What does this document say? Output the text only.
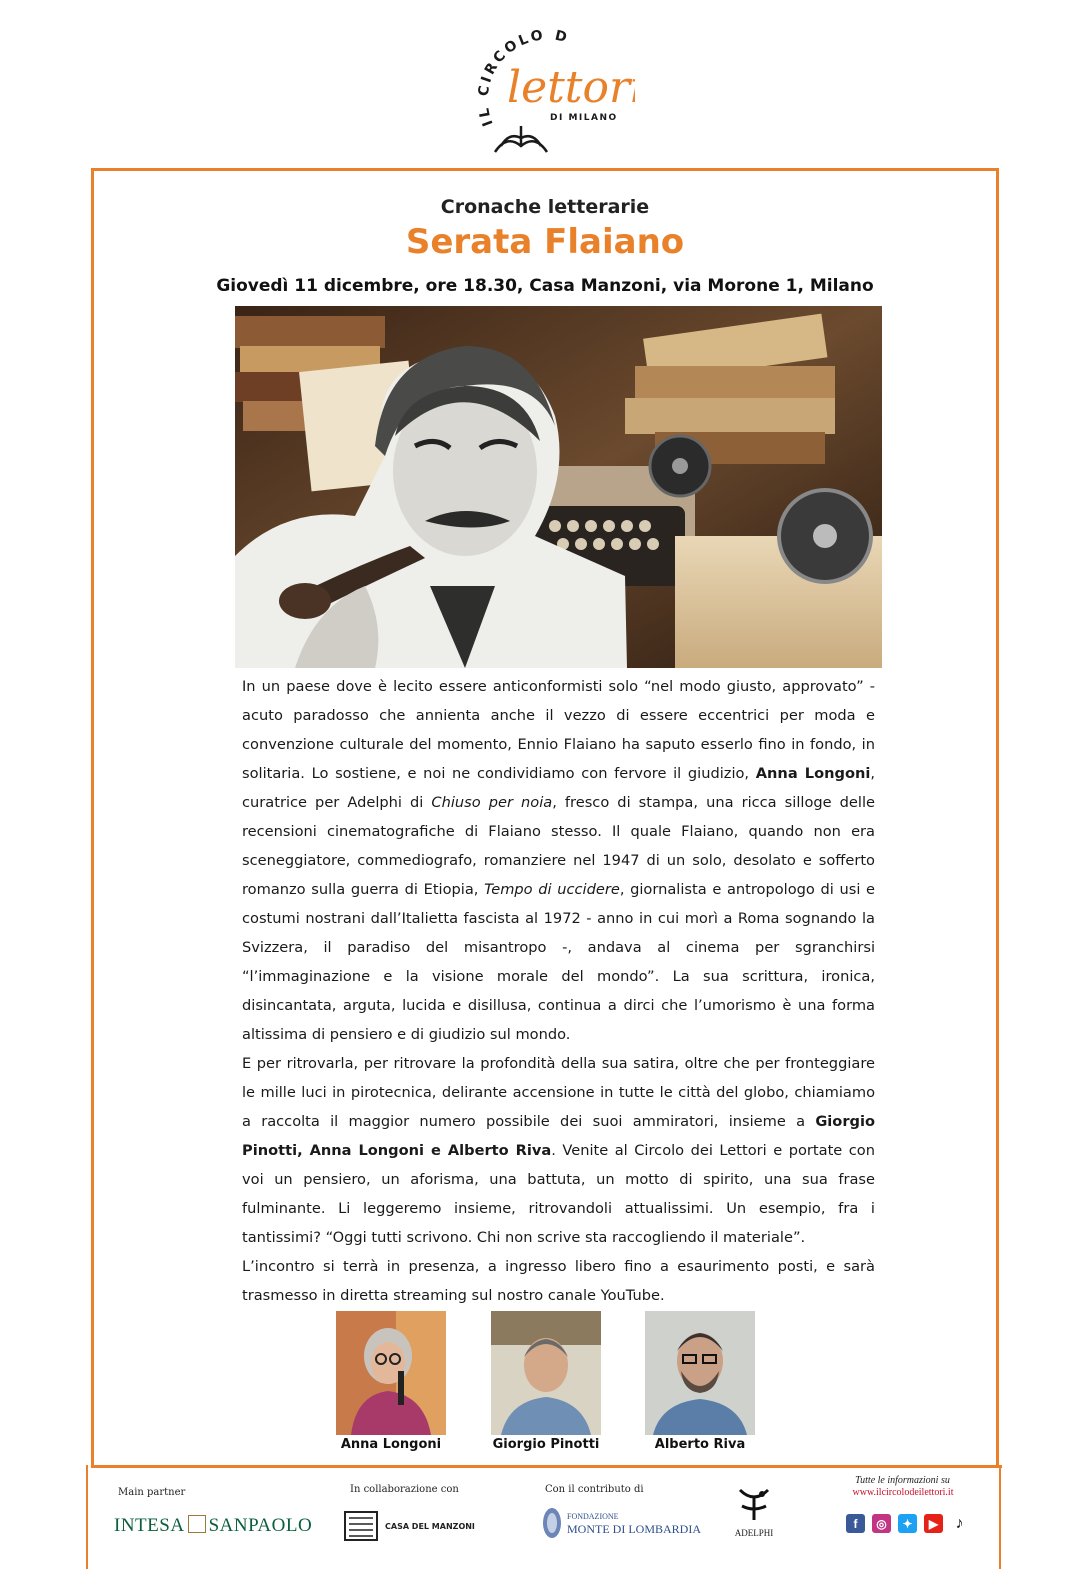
IL CIRCOLO D
lettori
DI MILANO
Cronache letterarie
Serata Flaiano
Giovedì 11 dicembre, ore 18.30, Casa Manzoni, via Morone 1, Milano

In un paese dove è lecito essere anticonformisti solo “nel modo giusto, approvato” - acuto paradosso che annienta anche il vezzo di essere eccentrici per moda e convenzione culturale del momento, Ennio Flaiano ha saputo esserlo fino in fondo, in solitaria. Lo sostiene, e noi ne condividiamo con fervore il giudizio, Anna Longoni, curatrice per Adelphi di Chiuso per noia, fresco di stampa, una ricca silloge delle recensioni cinematografiche di Flaiano stesso. Il quale Flaiano, quando non era sceneggiatore, commediografo, romanziere nel 1947 di un solo, desolato e sofferto romanzo sulla guerra di Etiopia, Tempo di uccidere, giornalista e antropologo di usi e costumi nostrani dall’Italietta fascista al 1972 - anno in cui morì a Roma sognando la Svizzera, il paradiso del misantropo -, andava al cinema per sgranchirsi “l’immaginazione e la visione morale del mondo”. La sua scrittura, ironica, disincantata, arguta, lucida e disillusa, continua a dirci che l’umorismo è una forma altissima di pensiero e di giudizio sul mondo.

E per ritrovarla, per ritrovare la profondità della sua satira, oltre che per fronteggiare le mille luci in pirotecnica, delirante accensione in tutte le città del globo, chiamiamo a raccolta il maggior numero possibile dei suoi ammiratori, insieme a Giorgio Pinotti, Anna Longoni e Alberto Riva. Venite al Circolo dei Lettori e portate con voi un pensiero, un aforisma, una battuta, un motto di spirito, una sua frase fulminante. Li leggeremo insieme, ritrovandoli attualissimi. Un esempio, fra i tantissimi? “Oggi tutti scrivono. Chi non scrive sta raccogliendo il materiale”.

L’incontro si terrà in presenza, a ingresso libero fino a esaurimento posti, e sarà trasmesso in diretta streaming sul nostro canale YouTube.

Anna Longoni	Giorgio Pinotti	Alberto Riva
Main partner
INTESA SANPAOLO
In collaborazione con
CASA DEL MANZONI
Con il contributo di
FONDAZIONE
MONTE DI LOMBARDIA	ADELPHI
Tutte le informazioni su
www.ilcircolodeilettori.it
f	◎	✦	▶	♪
